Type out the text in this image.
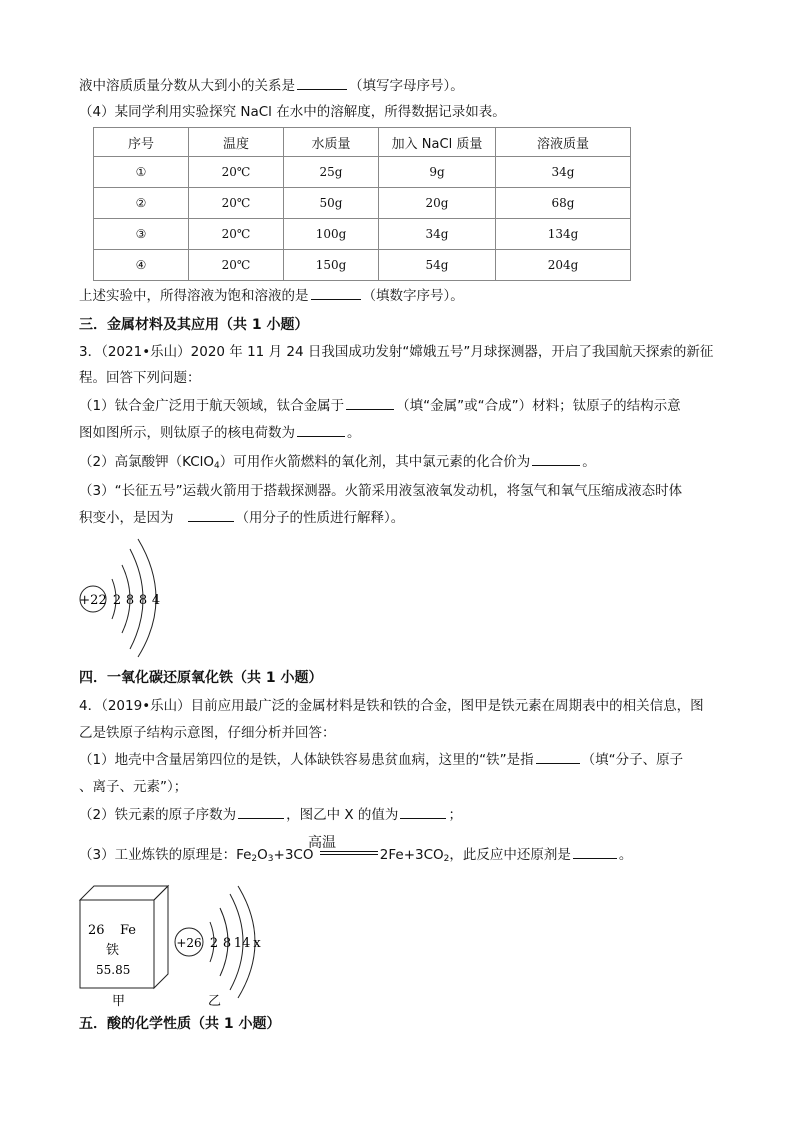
液中溶质质量分数从大到小的关系是	（填写字母序号）。
（4）某同学利用实验探究 NaCl 在水中的溶解度，所得数据记录如表。
序号	温度	水质量	加入 NaCl 质量	溶液质量
①	20℃	25g	9g	34g
②	20℃	50g	20g	68g
③	20℃	100g	34g	134g
④	20℃	150g	54g	204g
上述实验中，所得溶液为饱和溶液的是	（填数字序号）。
三．金属材料及其应用（共 1 小题）
3．（2021•乐山）2020 年 11 月 24 日我国成功发射“嫦娥五号”月球探测器，开启了我国航天探索的新征
程。回答下列问题：
（1）钛合金广泛用于航天领域，钛合金属于	（填“金属”或“合成”）材料；钛原子的结构示意
图如图所示，则钛原子的核电荷数为	。
（2）高氯酸钾（KClO$_4$）可用作火箭燃料的氧化剂，其中氯元素的化合价为	。
（3）“长征五号”运载火箭用于搭载探测器。火箭采用液氢液氧发动机，将氢气和氧气压缩成液态时体
积变小，是因为	（用分子的性质进行解释）。
+22 2 8 8 4
四．一氧化碳还原氧化铁（共 1 小题）
4．（2019•乐山）目前应用最广泛的金属材料是铁和铁的合金，图甲是铁元素在周期表中的相关信息，图
乙是铁原子结构示意图，仔细分析并回答：
（1）地壳中含量居第四位的是铁，人体缺铁容易患贫血病，这里的“铁”是指	（填“分子、原子
、离子、元素”）；
（2）铁元素的原子序数为	，图乙中 X 的值为	；
高温
（3）工业炼铁的原理是：$Fe_2O_3+3CO$	$2Fe+3CO_2$，此反应中还原剂是	。
26 Fe
铁
55.85
甲
+26 2 8 14 x
乙
五．酸的化学性质（共 1 小题）
